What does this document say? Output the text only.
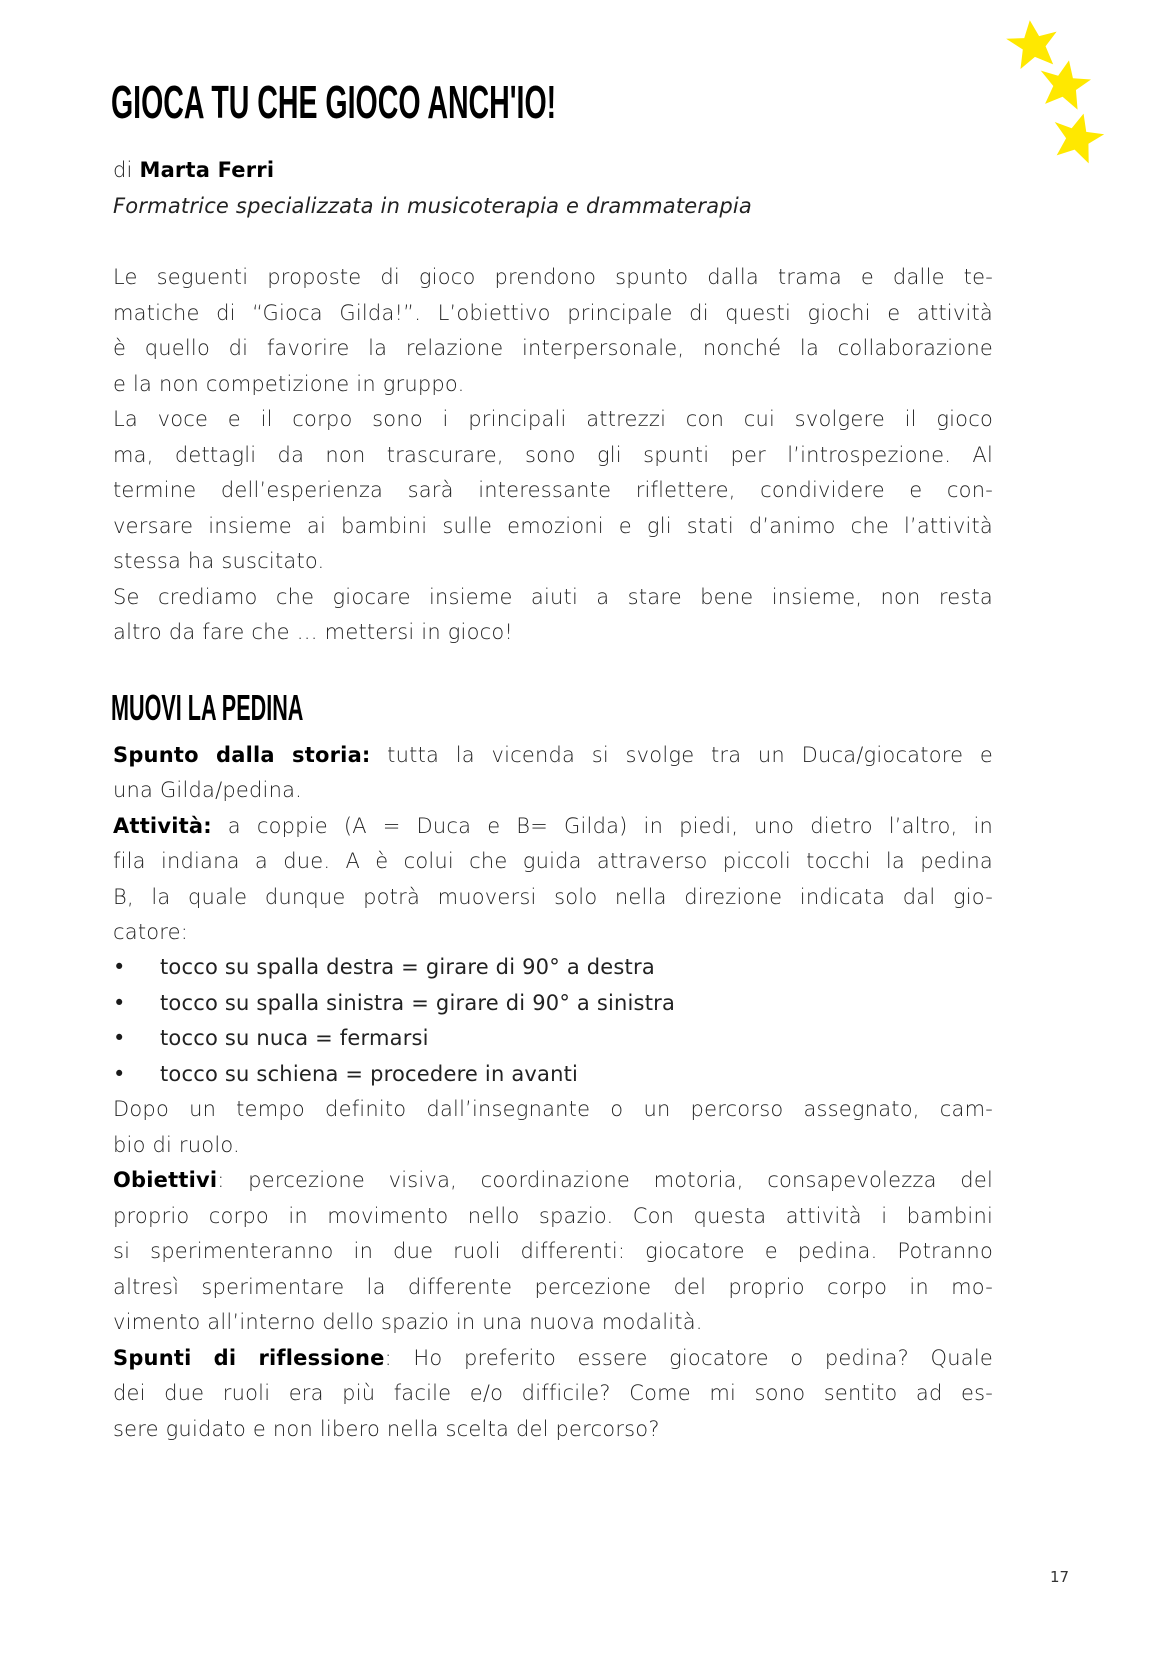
GIOCA TU CHE GIOCO ANCH'IO!
di Marta Ferri
Formatrice specializzata in musicoterapia e drammaterapia
Le seguenti proposte di gioco prendono spunto dalla trama e dalle te-
matiche di “Gioca Gilda!”. L’obiettivo principale di questi giochi e attività
è quello di favorire la relazione interpersonale, nonché la collaborazione
e la non competizione in gruppo.
La voce e il corpo sono i principali attrezzi con cui svolgere il gioco
ma, dettagli da non trascurare, sono gli spunti per l’introspezione. Al
termine dell’esperienza sarà interessante riflettere, condividere e con-
versare insieme ai bambini sulle emozioni e gli stati d’animo che l’attività
stessa ha suscitato.
Se crediamo che giocare insieme aiuti a stare bene insieme, non resta
altro da fare che … mettersi in gioco!
MUOVI LA PEDINA
Spunto dalla storia: tutta la vicenda si svolge tra un Duca/giocatore e
una Gilda/pedina.
Attività: a coppie (A = Duca e B= Gilda) in piedi, uno dietro l’altro, in
fila indiana a due. A è colui che guida attraverso piccoli tocchi la pedina
B, la quale dunque potrà muoversi solo nella direzione indicata dal gio-
catore:
• tocco su spalla destra = girare di 90° a destra
• tocco su spalla sinistra = girare di 90° a sinistra
• tocco su nuca = fermarsi
• tocco su schiena = procedere in avanti
Dopo un tempo definito dall’insegnante o un percorso assegnato, cam-
bio di ruolo.
Obiettivi: percezione visiva, coordinazione motoria, consapevolezza del
proprio corpo in movimento nello spazio. Con questa attività i bambini
si sperimenteranno in due ruoli differenti: giocatore e pedina. Potranno
altresì sperimentare la differente percezione del proprio corpo in mo-
vimento all’interno dello spazio in una nuova modalità.
Spunti di riflessione: Ho preferito essere giocatore o pedina? Quale
dei due ruoli era più facile e/o difficile? Come mi sono sentito ad es-
sere guidato e non libero nella scelta del percorso?
17
